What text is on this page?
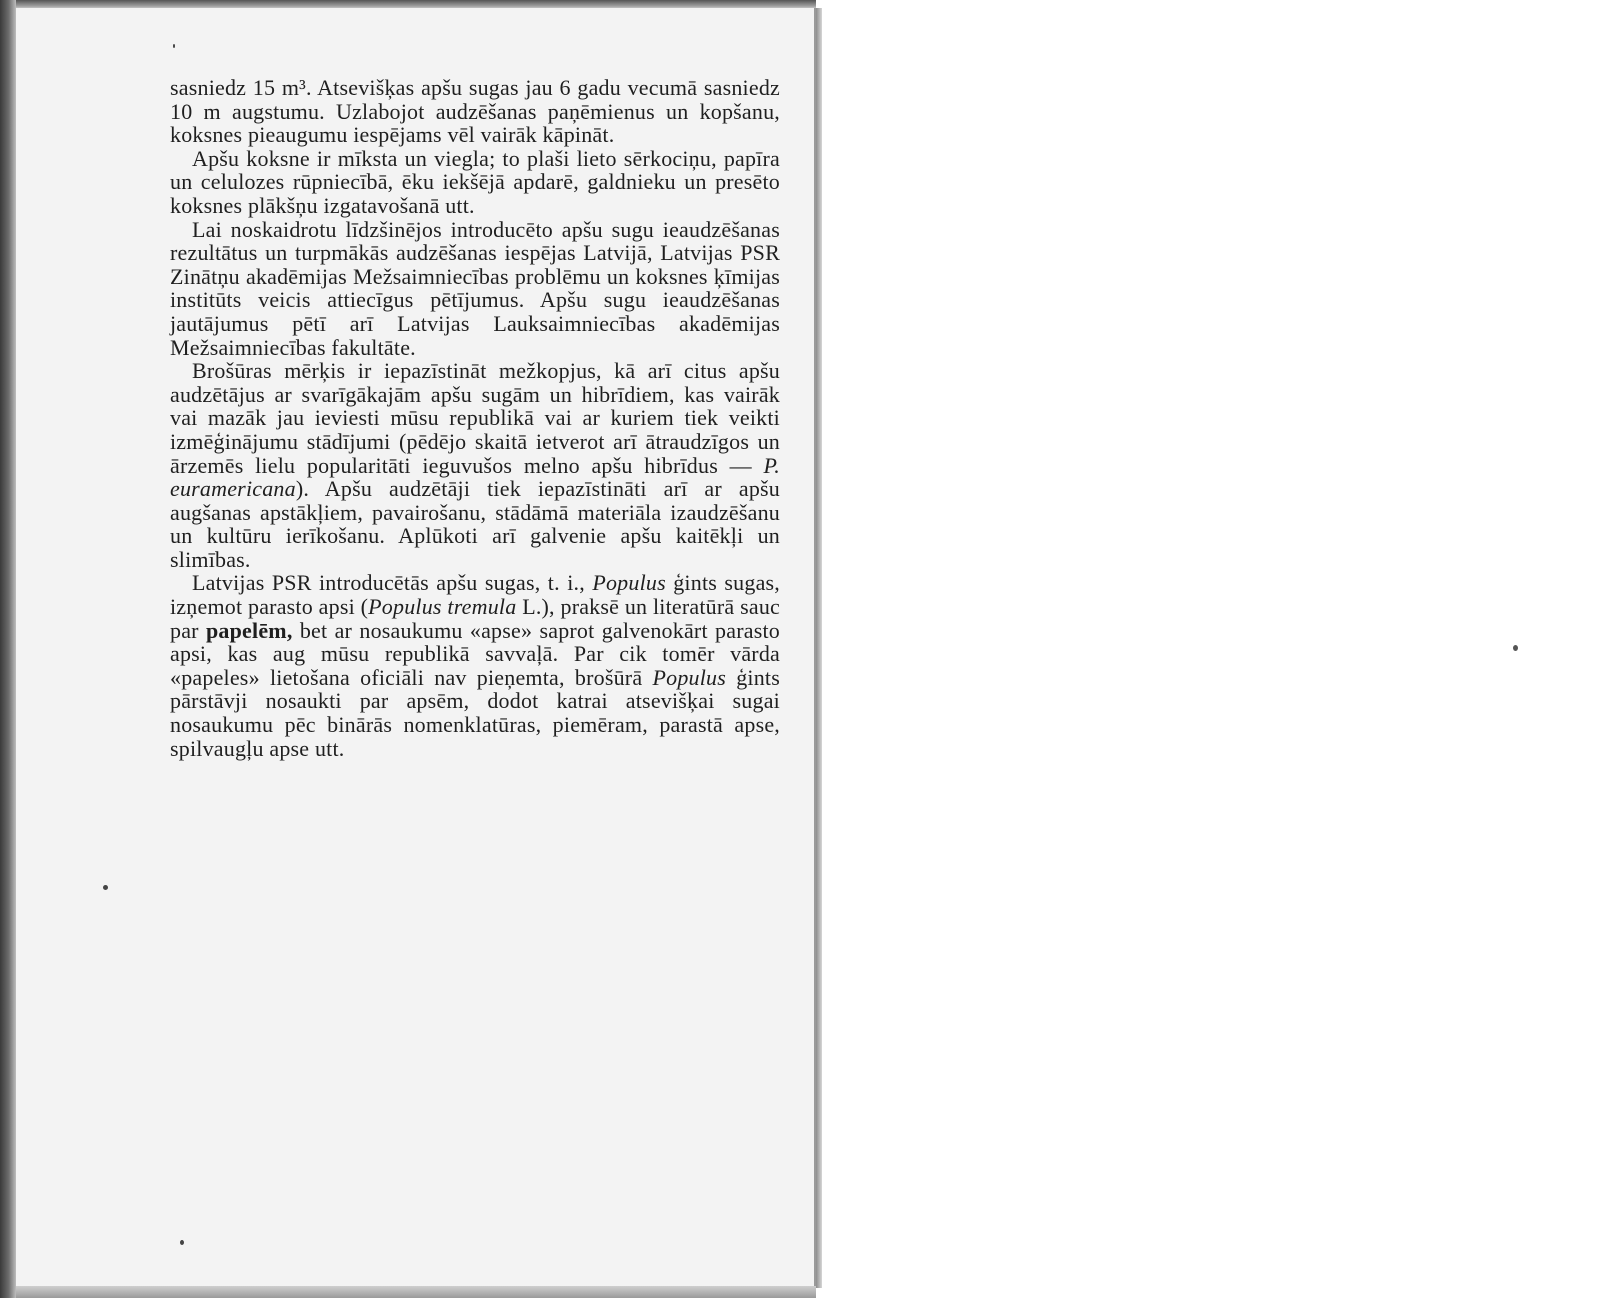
sasniedz 15 m³. Atsevišķas apšu sugas jau 6 gadu vecumā sasniedz 10 m augstumu. Uzlabojot audzēšanas paņēmienus un kopšanu, koksnes pieaugumu iespējams vēl vairāk kāpināt.

Apšu koksne ir mīksta un viegla; to plaši lieto sērkociņu, papīra un celulozes rūpniecībā, ēku iekšējā apdarē, galdnieku un presēto koksnes plākšņu izgatavošanā utt.

Lai noskaidrotu līdzšinējos introducēto apšu sugu ieaudzēšanas rezultātus un turpmākās audzēšanas iespējas Latvijā, Latvijas PSR Zinātņu akadēmijas Mežsaimniecības problēmu un koksnes ķīmijas institūts veicis attiecīgus pētījumus. Apšu sugu ieaudzēšanas jautājumus pētī arī Latvijas Lauksaimniecības akadēmijas Mežsaimniecības fakultāte.

Brošūras mērķis ir iepazīstināt mežkopjus, kā arī citus apšu audzētājus ar svarīgākajām apšu sugām un hibrīdiem, kas vairāk vai mazāk jau ieviesti mūsu republikā vai ar kuriem tiek veikti izmēģinājumu stādījumi (pēdējo skaitā ietverot arī ātraudzīgos un ārzemēs lielu popularitāti ieguvušos melno apšu hibrīdus — P. euramericana). Apšu audzētāji tiek iepazīstināti arī ar apšu augšanas apstākļiem, pavairošanu, stādāmā materiāla izaudzēšanu un kultūru ierīkošanu. Aplūkoti arī galvenie apšu kaitēkļi un slimības.

Latvijas PSR introducētās apšu sugas, t. i., Populus ģints sugas, izņemot parasto apsi (Populus tremula L.), praksē un literatūrā sauc par papelēm, bet ar nosaukumu «apse» saprot galvenokārt parasto apsi, kas aug mūsu republikā savvaļā. Par cik tomēr vārda «papeles» lietošana oficiāli nav pieņemta, brošūrā Populus ģints pārstāvji nosaukti par apsēm, dodot katrai atsevišķai sugai nosaukumu pēc binārās nomenklatūras, piemēram, parastā apse, spilvaugļu apse utt.
